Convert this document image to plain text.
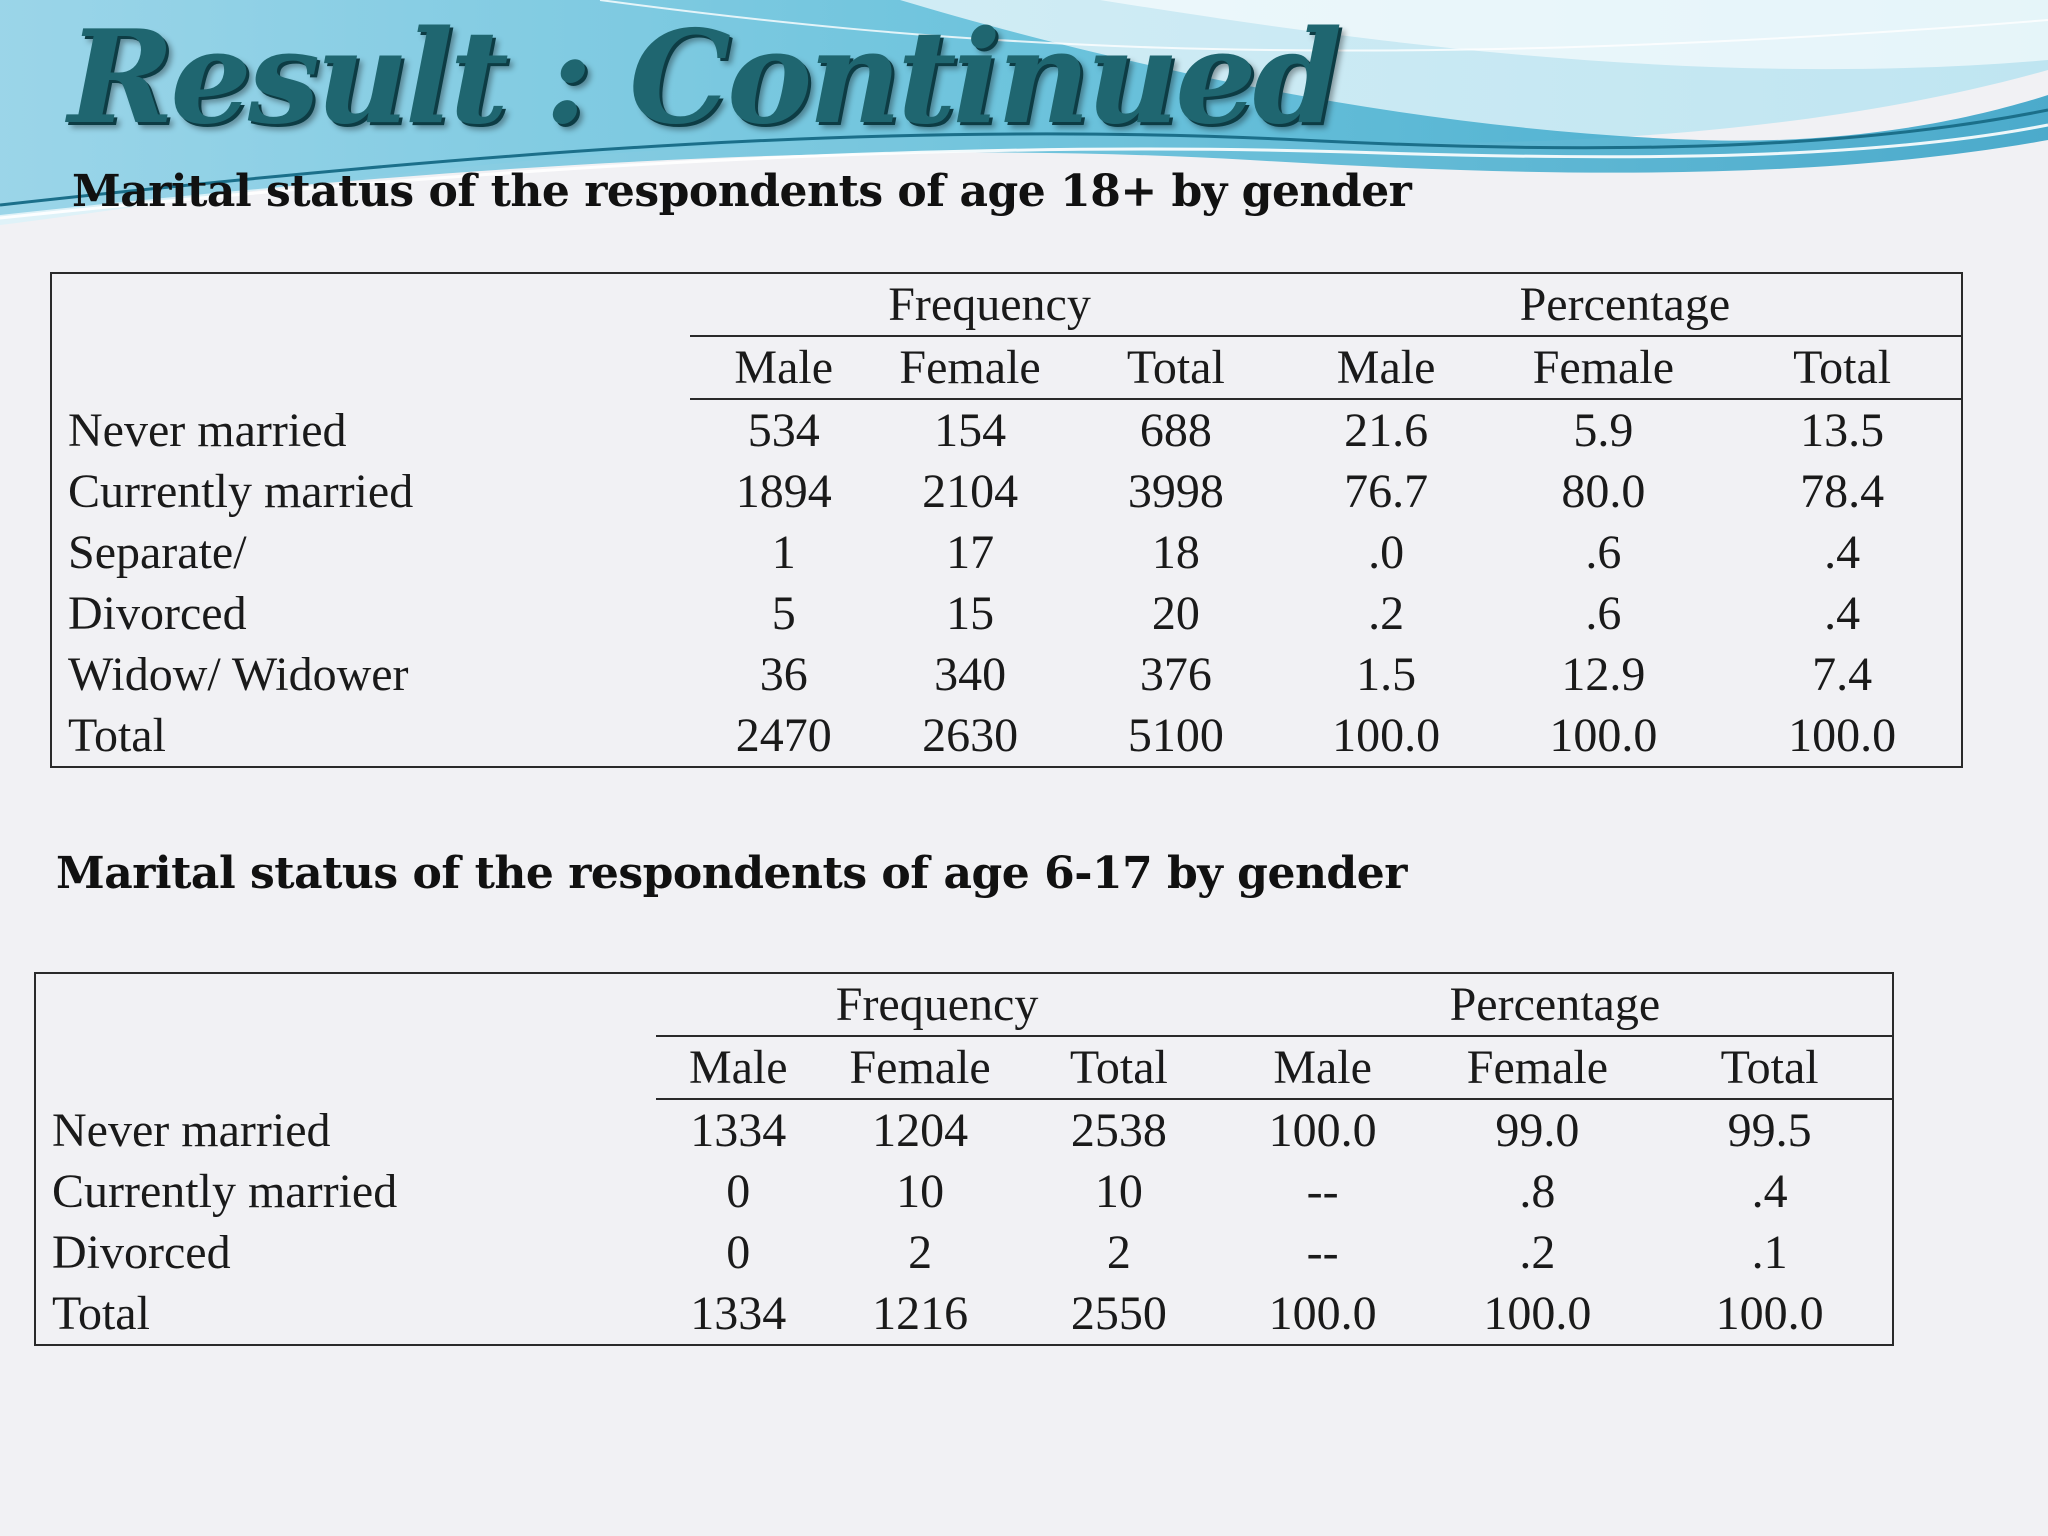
Result : Continued
Marital status of the respondents of age 18+ by gender
	Frequency			Percentage		
	Male	Female	Total	Male	Female	Total
Never married	534	154	688	21.6	5.9	13.5
Currently married	1894	2104	3998	76.7	80.0	78.4
Separate/	1	17	18	.0	.6	.4
Divorced	5	15	20	.2	.6	.4
Widow/ Widower	36	340	376	1.5	12.9	7.4
Total	2470	2630	5100	100.0	100.0	100.0
Marital status of the respondents of age 6-17 by gender
	Frequency			Percentage		
	Male	Female	Total	Male	Female	Total
Never married	1334	1204	2538	100.0	99.0	99.5
Currently married	0	10	10	--	.8	.4
Divorced	0	2	2	--	.2	.1
Total	1334	1216	2550	100.0	100.0	100.0
